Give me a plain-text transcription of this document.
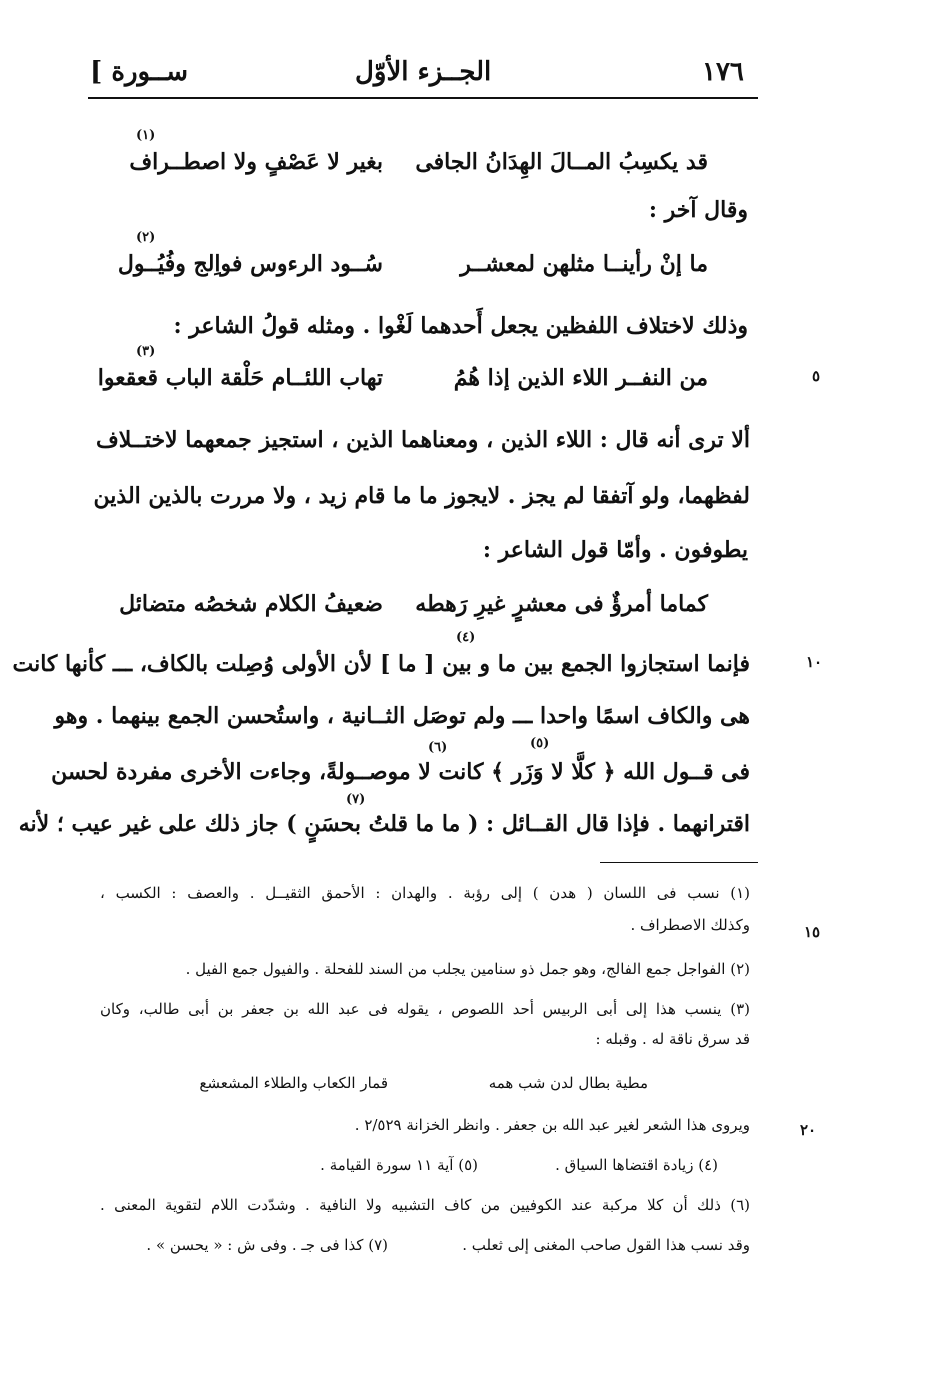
١٧٦
الجــزء الأوّل
[ ســورة
(١)
قد يكسِبُ المــالَ الهِدَانُ الجافى
بغير لا عَصْفٍ ولا اصطــراف
وقال آخر :
(٢)
ما إنْ رأينــا مثلهن لمعشــر
سُــود الرءوس فواِلج وفُيُــول
وذلك لاختلاف اللفظين يجعل أَحدهما لَغْوا . ومثله قولُ الشاعر :
٥
(٣)
من النفــر اللاء الذين إذا هُمُ
تهاب اللئــام حَلْقة الباب قعقعوا
ألا ترى أنه قال : اللاء الذين ، ومعناهما الذين ، استجيز جمعهما لاختــلاف
لفظهما، ولو آتفقا لم يجز . لايجوز ما ما قام زيد ، ولا مررت بالذين الذين
يطوفون . وأمّا قول الشاعر :
كماما أمرؤٌ فى معشرٍ غيرِ رَهطه
ضعيفُ الكلام شخصُه متضائل
١٠
(٤)
فإنما استجازوا الجمع بين ما و بين [ ما ] لأن الأولى وُصِلت بالكاف، ـــ كأنها كانت
هى والكاف اسمًا واحدا ـــ ولم توصَل الثــانية ، واستُحسن الجمع بينهما . وهو
(٥)
(٦)
فى قــول الله ﴿ كلَّا لا وَزَر ﴾ كانت لا موصــولةً، وجاءت الأخرى مفردة لحسن
(٧)
اقترانهما . فإذا قال القــائل : ( ما ما قلتُ بحسَنٍ ) جاز ذلك على غير عيب ؛ لأنه
(١) نسب فى اللسان ( هدن ) إلى رؤبة . والهدان : الأحمق الثقيــل . والعصف : الكسب ،
١٥
وكذلك الاصطراف .
(٢) الفواجل جمع الفالج، وهو جمل ذو سنامين يجلب من السند للفحلة . والفيول جمع الفيل .
(٣) ينسب هذا إلى أبى الربيس أحد اللصوص ، يقوله فى عبد الله بن جعفر بن أبى طالب، وكان
قد سرق ناقة له . وقبله :
مطية بطال لدن شب همه
قمار الكعاب والطلاء المشعشع
٢٠
ويروى هذا الشعر لغير عبد الله بن جعفر . وانظر الخزانة ٢/٥٢٩ .
(٤) زيادة اقتضاها السياق .
(٥) آية ١١ سورة القيامة .
(٦) ذلك أن كلا مركبة عند الكوفيين من كاف التشبيه ولا النافية . وشدّدت اللام لتقوية المعنى .
وقد نسب هذا القول صاحب المغنى إلى ثعلب .
(٧) كذا فى جـ . وفى ش : « يحسن » .
